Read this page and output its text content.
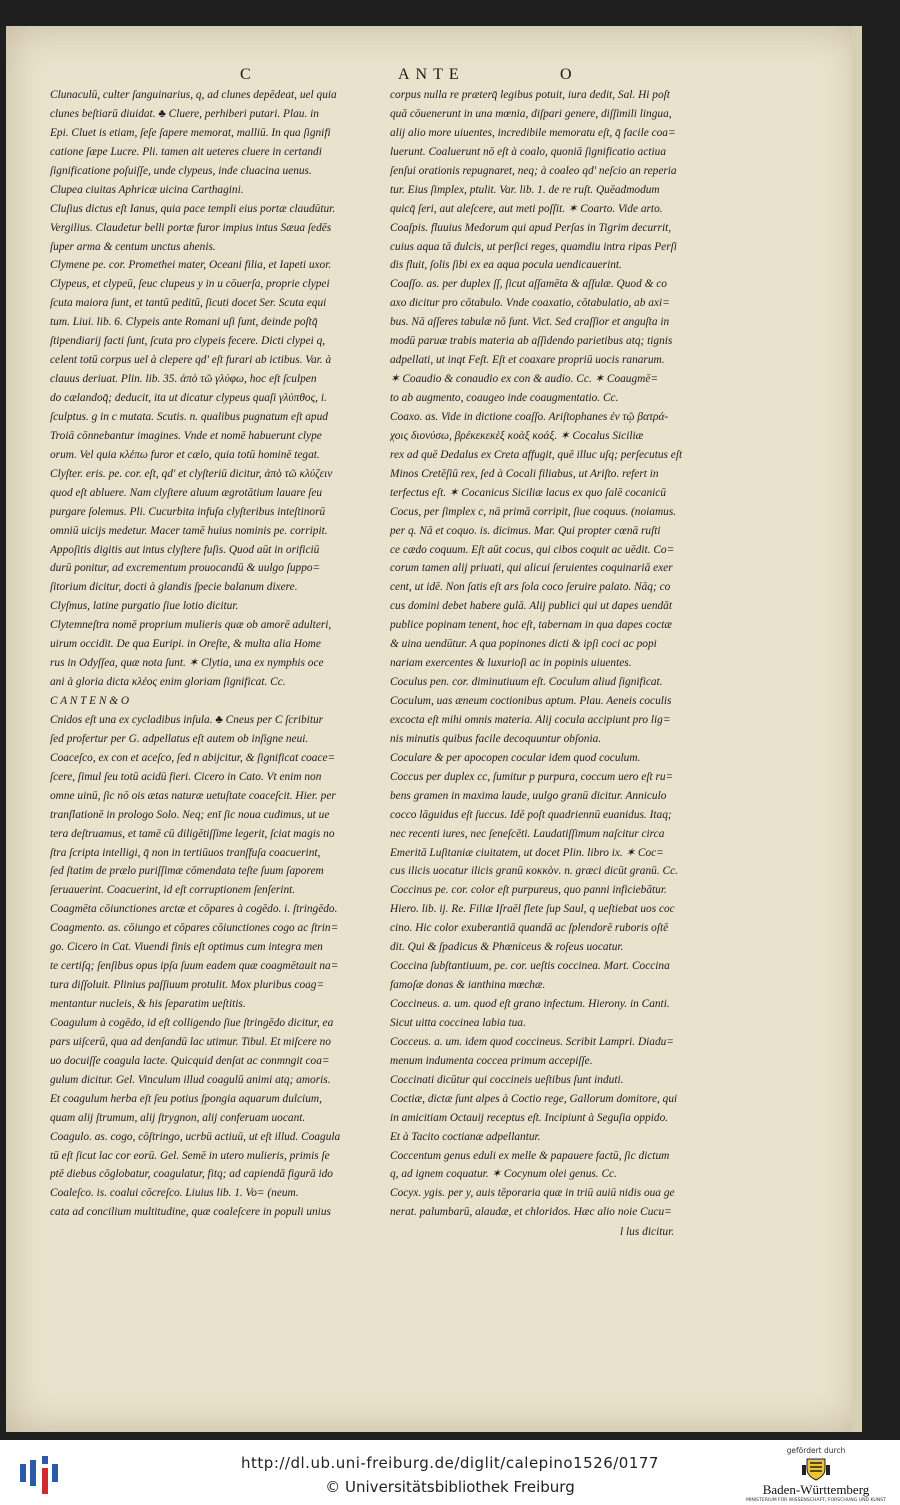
C	ANTE	O
Clunaculū, culter ſanguinarius, q, ad clunes depēdeat, uel quia
clunes beſtiarū diuidat. ♣ Cluere, perhiberi putari. Plau. in
Epi. Cluet is etiam, ſeſe ſapere memorat, malliū. In qua ſignifi
catione ſæpe Lucre. Pli. tamen ait ueteres cluere in certandi
ſignificatione poſuiſſe, unde clypeus, inde cluacina uenus.
Clupea ciuitas Aphricæ uicina Carthagini.
Cluſius dictus eſt Ianus, quia pace templi eius portæ claudūtur.
Vergilius. Claudetur belli portæ furor impius intus Sæua ſedēs
ſuper arma & centum unctus ahenis.
Clymene pe. cor. Promethei mater, Oceani filia, et Iapeti uxor.
Clypeus, et clypeū, ſeuc clupeus y in u cōuerſa, proprie clypei
ſcuta maiora ſunt, et tantū peditū, ſicuti docet Ser. Scuta equi
tum. Liui. lib. 6. Clypeis ante Romani uſi ſunt, deinde poſtq̄
ſtipendiarij facti ſunt, ſcuta pro clypeis fecere. Dicti clypei q,
celent totū corpus uel à clepere qd' eſt furari ab ictibus. Var. à
clauus deriuat. Plin. lib. 35. ἀπὸ τῶ γλύφω, hoc eſt ſculpen
do cælandoq̄; deducit, ita ut dicatur clypeus quaſi γλύπθος, i.
ſculptus. g in c mutata. Scutis. n. qualibus pugnatum eſt apud
Troiā cōnnebantur imagines. Vnde et nomē habuerunt clype
orum. Vel quia κλέπω furor et cælo, quia totū hominē tegat.
Clyſter. eris. pe. cor. eſt, qd' et clyſteriū dicitur, ἀπὸ τῶ κλύζειν
quod eſt abluere. Nam clyſtere aluum ægrotātium lauare ſeu
purgare ſolemus. Pli. Cucurbita infuſa clyſteribus inteſtinorū
omniū uicijs medetur. Macer tamē huius nominis pe. corripit.
Appoſitis digitis aut intus clyſtere fuſis. Quod aūt in orificiū
durū ponitur, ad excrementum prouocandū & uulgo ſuppo=
ſitorium dicitur, docti à glandis ſpecie balanum dixere.
Clyſmus, latine purgatio ſiue lotio dicitur.
Clytemneſtra nomē proprium mulieris quæ ob amorē adulteri,
uirum occidit. De qua Euripi. in Oreſte, & multa alia Home
rus in Odyſſea, quæ nota ſunt. ✶ Clytia, una ex nymphis oce
ani à gloria dicta κλέος enim gloriam ſignificat. Cc.
C A N T E N & O
Cnidos eſt una ex cycladibus inſula. ♣ Cneus per C ſcribitur
ſed profertur per G. adpellatus eſt autem ob inſigne neui.
Coaceſco, ex con et aceſco, ſed n abijcitur, & ſignificat coace=
ſcere, ſimul ſeu totū acidū fieri. Cicero in Cato. Vt enim non
omne uinū, ſic nō ois ætas naturæ uetuſtate coaceſcit. Hier. per
tranſlationē in prologo Solo. Neq; enī ſic noua cudimus, ut ue
tera deſtruamus, et tamē cū diligētiſſime legerit, ſciat magis no
ſtra ſcripta intelligi, q̄ non in tertiūuos tranſfuſa coacuerint,
ſed ſtatim de prælo puriſſimæ cōmendata teſte ſuum ſaporem
ſeruauerint. Coacuerint, id eſt corruptionem ſenſerint.
Coagmēta cōiunctiones arctæ et cōpares à cogēdo. i. ſtringēdo.
Coagmento. as. cōiungo et cōpares cōiunctiones cogo ac ſtrin=
go. Cicero in Cat. Viuendi finis eſt optimus cum integra men
te certiſq; ſenſibus opus ipſa ſuum eadem quæ coagmētauit na=
tura diſſoluit. Plinius paſſiuum protulit. Mox pluribus coag=
mentantur nucleis, & his ſeparatim ueſtitis.
Coagulum à cogēdo, id eſt colligendo ſiue ſtringēdo dicitur, ea
pars uiſcerū, qua ad denſandū lac utimur. Tibul. Et miſcere no
uo docuiſſe coagula lacte. Quicquid denſat ac conmngit coa=
gulum dicitur. Gel. Vinculum illud coagulū animi atq; amoris.
Et coagulum herba eſt ſeu potius ſpongia aquarum dulcium,
quam alij ſtrumum, alij ſtrygnon, alij conferuam uocant.
Coagulo. as. cogo, cōſtringo, ucrbū actiuū, ut eſt illud. Coagula
tū eſt ſicut lac cor eorū. Gel. Semē in utero mulieris, primis ſe
ptē diebus cōglobatur, coagulatur, fitq; ad capiendā figurā ido
Coaleſco. is. coalui cōcreſco. Liuius lib. 1. Vo= (neum.
cata ad concilium multitudine, quæ coaleſcere in populi unius
corpus nulla re præterq̄ legibus potuit, iura dedit, Sal. Hi poſt
quā cōuenerunt in una mœnia, diſpari genere, diſſimili lingua,
alij alio more uiuentes, incredibile memoratu eſt, q̄ facile coa=
luerunt. Coaluerunt nō eſt à coalo, quoniā ſignificatio actiua
ſenſui orationis repugnaret, neq; à coaleo qd' neſcio an reperia
tur. Eius ſimplex, ptulit. Var. lib. 1. de re ruſt. Quēadmodum
quicq̄ ſeri, aut aleſcere, aut meti poſſit. ✶ Coarto. Vide arto.
Coaſpis. fluuius Medorum qui apud Perſas in Tigrim decurrit,
cuius aqua tā dulcis, ut perſici reges, quamdiu intra ripas Perſi
dis fluit, ſolis ſibi ex ea aqua pocula uendicauerint.
Coaſſo. as. per duplex ſſ, ſicut aſſamēta & aſſulæ. Quod & co
axo dicitur pro cōtabulo. Vnde coaxatio, cōtabulatio, ab axi=
bus. Nā aſſeres tabulæ nō ſunt. Vict. Sed craſſior et anguſta in
modū paruæ trabis materia ab aſſidendo parietibus atq; tignis
adpellati, ut inqt Feſt. Eſt et coaxare propriū uocis ranarum.
✶ Coaudio & conaudio ex con & audio. Cc. ✶ Coaugmē=
to ab augmento, coaugeo inde coaugmentatio. Cc.
Coaxo. as. Vide in dictione coaſſo. Ariſtophanes ἐν τῷ βατρά-
χοις διονύσω, βρέκεκεκὲξ κοὰξ κοάξ. ✶ Cocalus Siciliæ
rex ad quē Dedalus ex Creta affugit, quē illuc uſq; perſecutus eſt
Minos Cretēſiū rex, ſed à Cocali filiabus, ut Ariſto. refert in
terfectus eſt. ✶ Cocanicus Siciliæ lacus ex quo ſalē cocanicū
Cocus, per ſimplex c, nā primā corripit, ſiue coquus. (noiamus.
per q. Nā et coquo. is. dicimus. Mar. Qui propter cœnā ruſti
ce cædo coquum. Eſt aūt cocus, qui cibos coquit ac uēdit. Co=
corum tamen alij priuati, qui alicui ſeruientes coquinariā exer
cent, ut idē. Non ſatis eſt ars ſola coco ſeruire palato. Nāq; co
cus domini debet habere gulā. Alij publici qui ut dapes uendāt
publice popinam tenent, hoc eſt, tabernam in qua dapes coctæ
& uina uendūtur. A qua popinones dicti & ipſi coci ac popi
nariam exercentes & luxurioſi ac in popinis uiuentes.
Coculus pen. cor. diminutiuum eſt. Coculum aliud ſignificat.
Coculum, uas æneum coctionibus aptum. Plau. Aeneis coculis
excocta eſt mihi omnis materia. Alij cocula accipiunt pro lig=
nis minutis quibus facile decoquuntur obſonia.
Coculare & per apocopen cocular idem quod coculum.
Coccus per duplex cc, ſumitur p purpura, coccum uero eſt ru=
bens gramen in maxima laude, uulgo granū dicitur. Anniculo
cocco lāguidus eſt ſuccus. Idē poſt quadriennū euanidus. Itaq;
nec recenti iures, nec ſeneſcēti. Laudatiſſimum naſcitur circa
Emeritā Luſitaniæ ciuitatem, ut docet Plin. libro ix. ✶ Coc=
cus ilicis uocatur ilicis granū κοκκὸν. n. græci dicūt granū. Cc.
Coccinus pe. cor. color eſt purpureus, quo panni inficiebātur.
Hiero. lib. ij. Re. Filiæ Iſraēl flete ſup Saul, q ueſtiebat uos coc
cino. Hic color exuberantiā quandā ac ſplendorē ruboris oſtē
dit. Qui & ſpadicus & Phœniceus & roſeus uocatur.
Coccina ſubſtantiuum, pe. cor. ueſtis coccinea. Mart. Coccina
famoſæ donas & ianthina mœchæ.
Coccineus. a. um. quod eſt grano infectum. Hierony. in Canti.
Sicut uitta coccinea labia tua.
Cocceus. a. um. idem quod coccineus. Scribit Lampri. Diadu=
menum indumenta coccea primum accepiſſe.
Coccinati dicūtur qui coccineis ueſtibus ſunt induti.
Coctiæ, dictæ ſunt alpes à Coctio rege, Gallorum domitore, qui
in amicitiam Octauij receptus eſt. Incipiunt à Seguſia oppido.
Et à Tacito coctianæ adpellantur.
Coccentum genus eduli ex melle & papauere factū, ſic dictum
q, ad ignem coquatur. ✶ Cocynum olei genus. Cc.
Cocyx. ygis. per y, auis tēporaria quæ in triū auiū nidis oua ge
nerat. palumbarū, alaudæ, et chloridos. Hæc alio noie Cucu=
l lus dicitur.
http://dl.ub.uni-freiburg.de/diglit/calepino1526/0177
© Universitätsbibliothek Freiburg
gefördert durch
Baden-Württemberg
MINISTERIUM FÜR WISSENSCHAFT, FORSCHUNG UND KUNST
